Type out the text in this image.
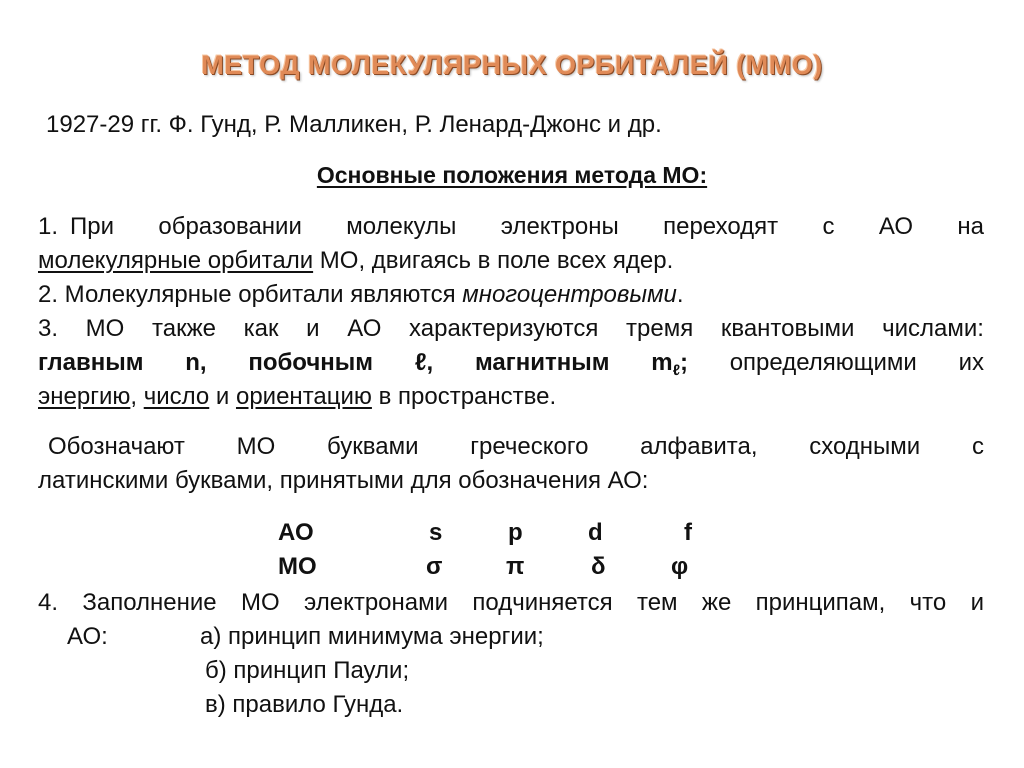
МЕТОД МОЛЕКУЛЯРНЫХ ОРБИТАЛЕЙ (ММО)
1927-29 гг. Ф. Гунд, Р. Малликен, Р. Ленард-Джонс и др.
Основные положения метода МО:
1. При образовании молекулы электроны переходят с АО на
молекулярные орбитали МО, двигаясь в поле всех ядер.
2. Молекулярные орбитали являются многоцентровыми.
3. МО также как и АО характеризуются тремя квантовыми числами:
главным n, побочным ℓ, магнитным $m_\ell$; определяющими их
энергию, число и ориентацию в пространстве.
Обозначают МО буквами греческого алфавита, сходными с
латинскими буквами, принятыми для обозначения АО:
АО	s	p	d	f
МО	σ	π	δ	φ
4. Заполнение МО электронами подчиняется тем же принципам, что и
АО:	а) принцип минимума энергии;
б) принцип Паули;
в) правило Гунда.
